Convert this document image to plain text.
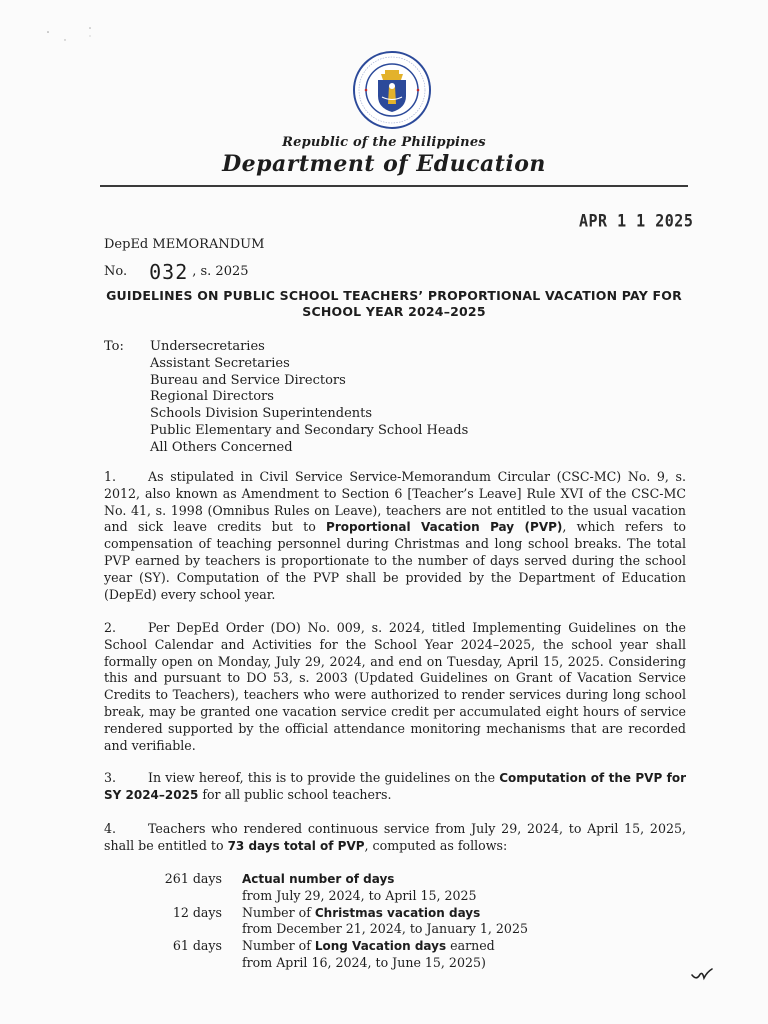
Republic of the Philippines
Department of Education
APR 1 1 2025
DepEd MEMORANDUM
No. 032 , s. 2025
GUIDELINES ON PUBLIC SCHOOL TEACHERS’ PROPORTIONAL VACATION PAY FOR SCHOOL YEAR 2024–2025
To: Undersecretaries
Assistant Secretaries
Bureau and Service Directors
Regional Directors
Schools Division Superintendents
Public Elementary and Secondary School Heads
All Others Concerned

1.	As stipulated in Civil Service Service-Memorandum Circular (CSC-MC) No. 9, s. 2012, also known as Amendment to Section 6 [Teacher’s Leave] Rule XVI of the CSC-MC No. 41, s. 1998 (Omnibus Rules on Leave), teachers are not entitled to the usual vacation and sick leave credits but to Proportional Vacation Pay (PVP), which refers to compensation of teaching personnel during Christmas and long school breaks. The total PVP earned by teachers is proportionate to the number of days served during the school year (SY). Computation of the PVP shall be provided by the Department of Education (DepEd) every school year.

2.	Per DepEd Order (DO) No. 009, s. 2024, titled Implementing Guidelines on the School Calendar and Activities for the School Year 2024–2025, the school year shall formally open on Monday, July 29, 2024, and end on Tuesday, April 15, 2025. Considering this and pursuant to DO 53, s. 2003 (Updated Guidelines on Grant of Vacation Service Credits to Teachers), teachers who were authorized to render services during long school break, may be granted one vacation service credit per accumulated eight hours of service rendered supported by the official attendance monitoring mechanisms that are recorded and verifiable.

3.	In view hereof, this is to provide the guidelines on the Computation of the PVP for SY 2024–2025 for all public school teachers.

4.	Teachers who rendered continuous service from July 29, 2024, to April 15, 2025, shall be entitled to 73 days total of PVP, computed as follows:

261 days	Actual number of days
from July 29, 2024, to April 15, 2025
12 days	Number of Christmas vacation days
from December 21, 2024, to January 1, 2025
61 days	Number of Long Vacation days earned
from April 16, 2024, to June 15, 2025)
